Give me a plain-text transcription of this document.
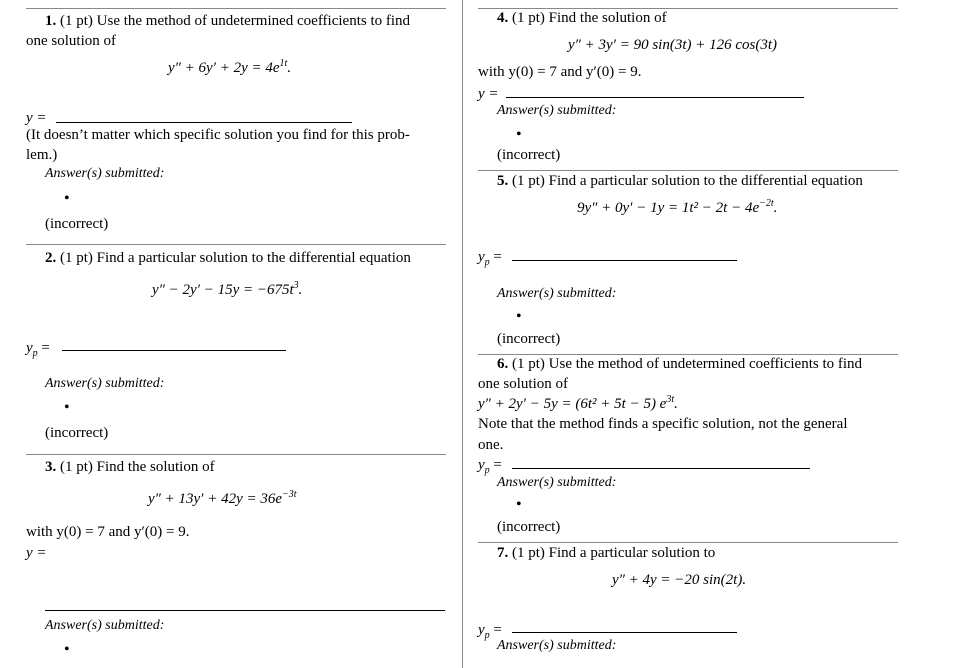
1. (1 pt) Use the method of undetermined coefficients to find
one solution of
$y'' + 6y' + 2y = 4e^{1t}$.
y =
(It doesn’t matter which specific solution you find for this prob-
lem.)
Answer(s) submitted:
•
(incorrect)
2. (1 pt) Find a particular solution to the differential equation
$y'' - 2y' - 15y = -675t^3$.
$y_p$ =
Answer(s) submitted:
•
(incorrect)
3. (1 pt) Find the solution of
$y'' + 13y' + 42y = 36e^{-3t}$
with y(0) = 7 and y′(0) = 9.
y =
Answer(s) submitted:
•
4. (1 pt) Find the solution of
y″ + 3y′ = 90 sin(3t) + 126 cos(3t)
with y(0) = 7 and y′(0) = 9.
y =
Answer(s) submitted:
•
(incorrect)
5. (1 pt) Find a particular solution to the differential equation
$9y'' + 0y' - 1y = 1t^2 - 2t - 4e^{-2t}$.
$y_p$ =
Answer(s) submitted:
•
(incorrect)
6. (1 pt) Use the method of undetermined coefficients to find
one solution of
y″ + 2y′ − 5y = (6t² + 5t − 5) $e^{3t}$.
Note that the method finds a specific solution, not the general
one.
$y_p$ =
Answer(s) submitted:
•
(incorrect)
7. (1 pt) Find a particular solution to
y″ + 4y = −20 sin(2t).
$y_p$ =
Answer(s) submitted:
